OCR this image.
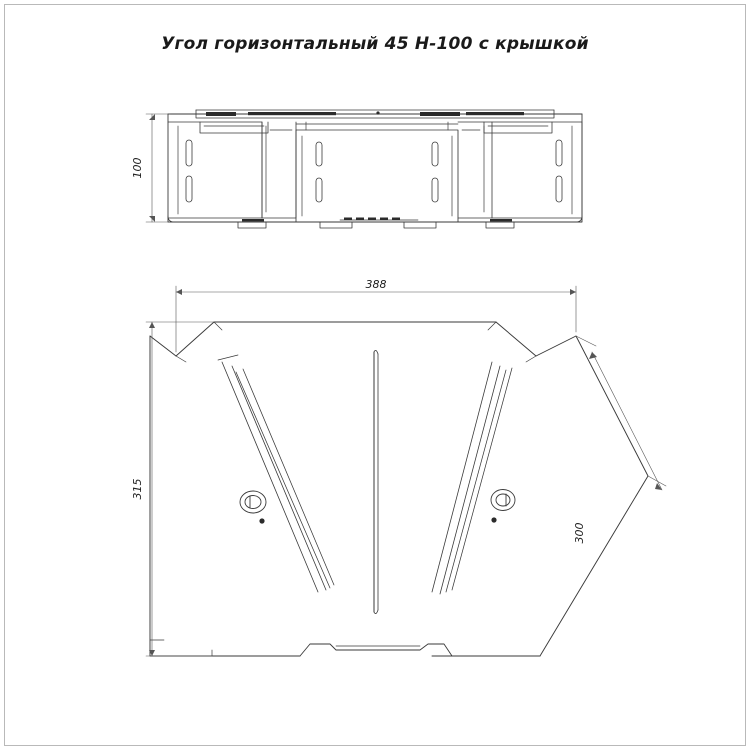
Угол горизонтальный 45 Н-100 с крышкой
100
388
315
300
